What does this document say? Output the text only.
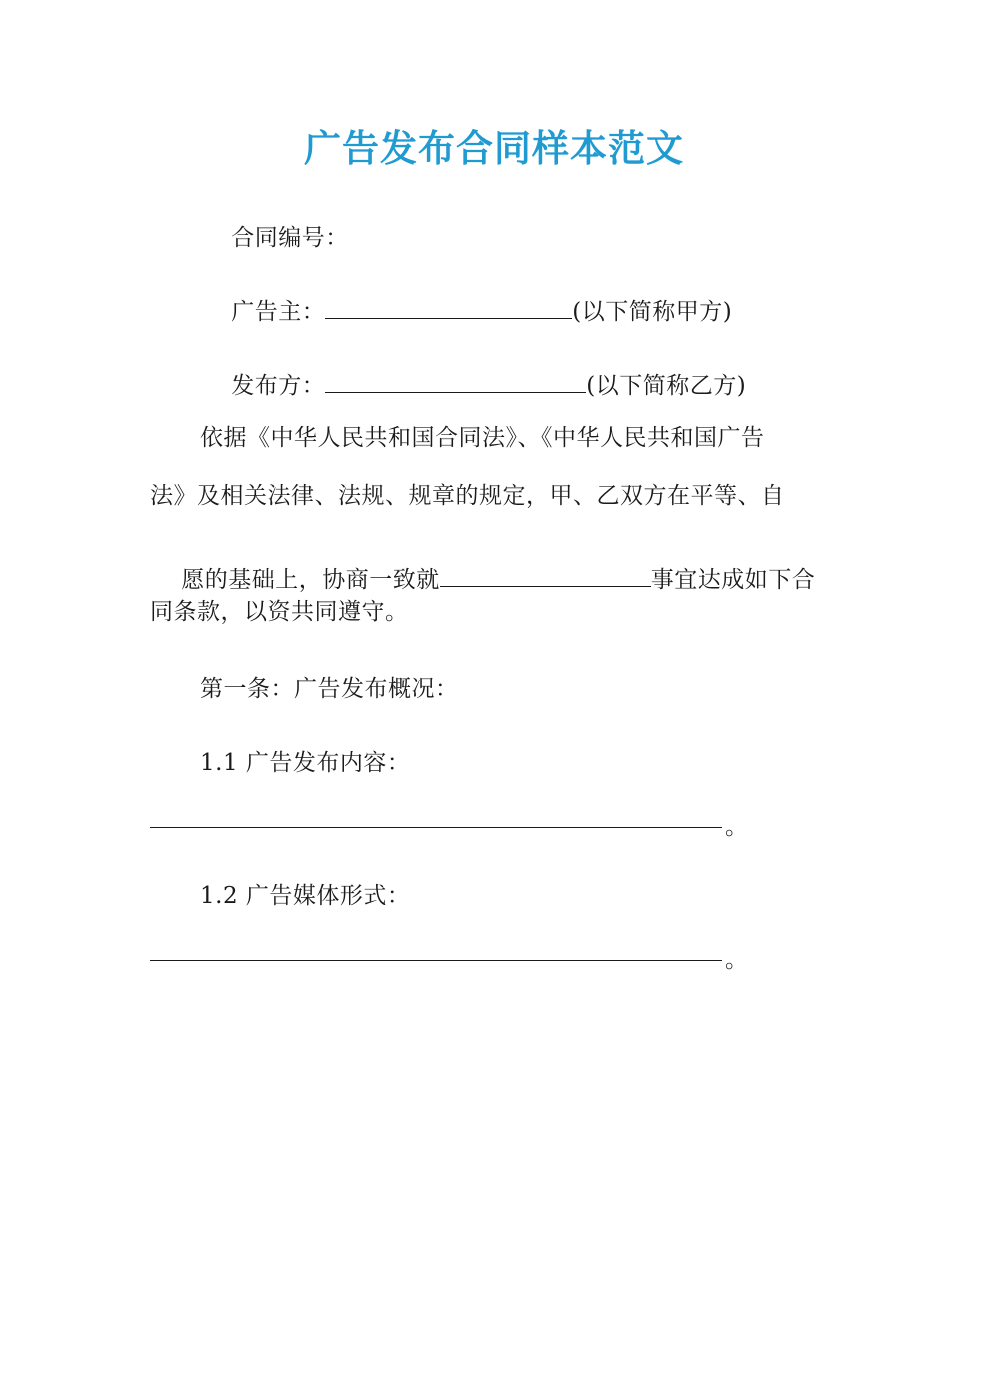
广告发布合同样本范文

合同编号：

广告主：	(以下简称甲方)

发布方：	(以下简称乙方)

依据《中华人民共和国合同法》、《中华人民共和国广告
法》及相关法律、法规、规章的规定，甲、乙双方在平等、自

愿的基础上，协商一致就	事宜达成如下合

同条款，以资共同遵守。
第一条：广告发布概况：
1.1 广告发布内容：
。
1.2 广告媒体形式：
。
